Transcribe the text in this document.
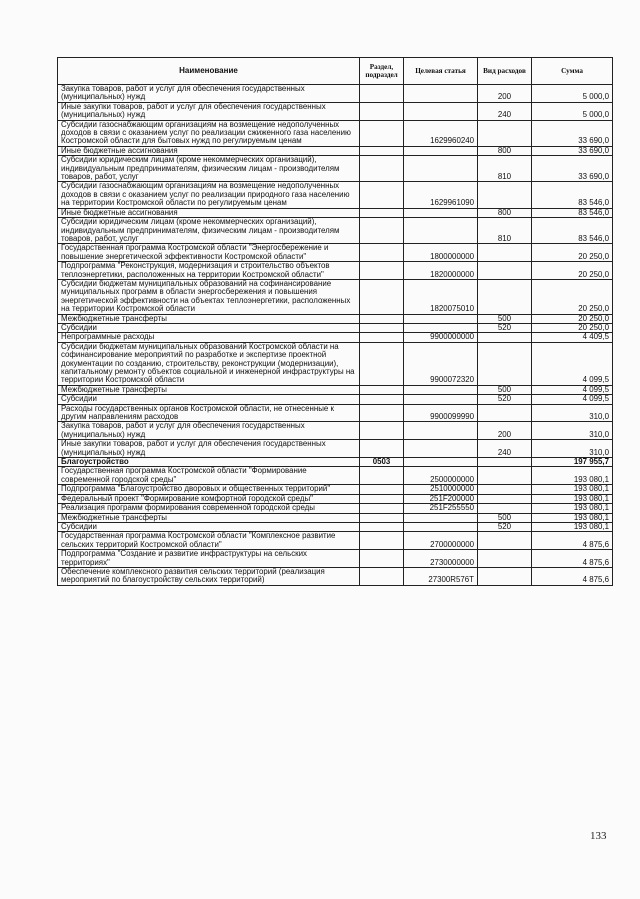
Наименование	Раздел, подраздел	Целевая статья	Вид расходов	Сумма
Закупка товаров, работ и услуг для обеспечения государственных (муниципальных) нужд			200	5 000,0
Иные закупки товаров, работ и услуг для обеспечения государственных (муниципальных) нужд			240	5 000,0
Субсидии газоснабжающим организациям на возмещение недополученных доходов в связи с оказанием услуг по реализации сжиженного газа населению Костромской области для бытовых нужд по регулируемым ценам		1629960240		33 690,0
Иные бюджетные ассигнования			800	33 690,0
Субсидии юридическим лицам (кроме некоммерческих организаций), индивидуальным предпринимателям, физическим лицам - производителям товаров, работ, услуг			810	33 690,0
Субсидии газоснабжающим организациям на возмещение недополученных доходов в связи с оказанием услуг по реализации природного газа населению на территории Костромской области по регулируемым ценам		1629961090		83 546,0
Иные бюджетные ассигнования			800	83 546,0
Субсидии юридическим лицам (кроме некоммерческих организаций), индивидуальным предпринимателям, физическим лицам - производителям товаров, работ, услуг			810	83 546,0
Государственная программа Костромской области "Энергосбережение и повышение энергетической эффективности Костромской области"		1800000000		20 250,0
Подпрограмма "Реконструкция, модернизация и строительство объектов теплоэнергетики, расположенных на территории Костромской области"		1820000000		20 250,0
Субсидии бюджетам муниципальных образований на софинансирование муниципальных программ в области энергосбережения и повышения энергетической эффективности на объектах теплоэнергетики, расположенных на территории Костромской области		1820075010		20 250,0
Межбюджетные трансферты			500	20 250,0
Субсидии			520	20 250,0
Непрограммные расходы		9900000000		4 409,5
Субсидии бюджетам муниципальных образований Костромской области на софинансирование мероприятий по разработке и экспертизе проектной документации по созданию, строительству, реконструкции (модернизации), капитальному ремонту объектов социальной и инженерной инфраструктуры на территории Костромской области		9900072320		4 099,5
Межбюджетные трансферты			500	4 099,5
Субсидии			520	4 099,5
Расходы государственных органов Костромской области, не отнесенные к другим направлениям расходов		9900099990		310,0
Закупка товаров, работ и услуг для обеспечения государственных (муниципальных) нужд			200	310,0
Иные закупки товаров, работ и услуг для обеспечения государственных (муниципальных) нужд			240	310,0
Благоустройство	0503			197 955,7
Государственная программа Костромской области "Формирование современной городской среды"		2500000000		193 080,1
Подпрограмма "Благоустройство дворовых и общественных территорий"		2510000000		193 080,1
Федеральный проект "Формирование комфортной городской среды"		251F200000		193 080,1
Реализация программ формирования современной городской среды		251F255550		193 080,1
Межбюджетные трансферты			500	193 080,1
Субсидии			520	193 080,1
Государственная программа Костромской области "Комплексное развитие сельских территорий Костромской области"		2700000000		4 875,6
Подпрограмма "Создание и развитие инфраструктуры на сельских территориях"		2730000000		4 875,6
Обеспечение комплексного развития сельских территорий (реализация мероприятий по благоустройству сельских территорий)		27300R576T		4 875,6
133
